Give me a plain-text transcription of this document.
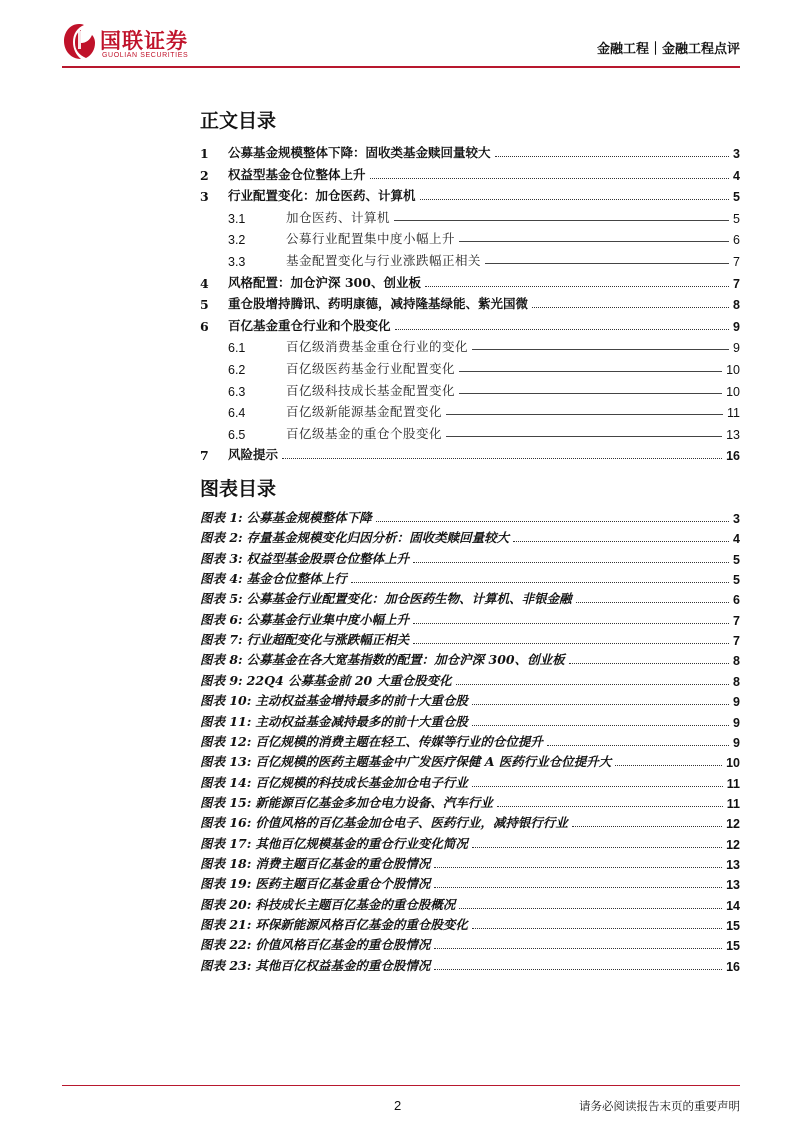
国联证券
GUOLIAN SECURITIES	金融工程｜金融工程点评
正文目录
1	公募基金规模整体下降：固收类基金赎回量较大	3
2	权益型基金仓位整体上升	4
3	行业配置变化：加仓医药、计算机	5
3.1	加仓医药、计算机	5
3.2	公募行业配置集中度小幅上升	6
3.3	基金配置变化与行业涨跌幅正相关	7
4	风格配置：加仓沪深 300、创业板	7
5	重仓股增持腾讯、药明康德，减持隆基绿能、紫光国微	8
6	百亿基金重仓行业和个股变化	9
6.1	百亿级消费基金重仓行业的变化	9
6.2	百亿级医药基金行业配置变化	10
6.3	百亿级科技成长基金配置变化	10
6.4	百亿级新能源基金配置变化	11
6.5	百亿级基金的重仓个股变化	13
7	风险提示	16
图表目录
图表 1: 公募基金规模整体下降	3
图表 2: 存量基金规模变化归因分析：固收类赎回量较大	4
图表 3: 权益型基金股票仓位整体上升	5
图表 4: 基金仓位整体上行	5
图表 5: 公募基金行业配置变化：加仓医药生物、计算机、非银金融	6
图表 6: 公募基金行业集中度小幅上升	7
图表 7: 行业超配变化与涨跌幅正相关	7
图表 8: 公募基金在各大宽基指数的配置：加仓沪深 300、创业板	8
图表 9: 22Q4 公募基金前 20 大重仓股变化	8
图表 10: 主动权益基金增持最多的前十大重仓股	9
图表 11: 主动权益基金减持最多的前十大重仓股	9
图表 12: 百亿规模的消费主题在轻工、传媒等行业的仓位提升	9
图表 13: 百亿规模的医药主题基金中广发医疗保健 A 医药行业仓位提升大	10
图表 14: 百亿规模的科技成长基金加仓电子行业	11
图表 15: 新能源百亿基金多加仓电力设备、汽车行业	11
图表 16: 价值风格的百亿基金加仓电子、医药行业，减持银行行业	12
图表 17: 其他百亿规模基金的重仓行业变化简况	12
图表 18: 消费主题百亿基金的重仓股情况	13
图表 19: 医药主题百亿基金重仓个股情况	13
图表 20: 科技成长主题百亿基金的重仓股概况	14
图表 21: 环保新能源风格百亿基金的重仓股变化	15
图表 22: 价值风格百亿基金的重仓股情况	15
图表 23: 其他百亿权益基金的重仓股情况	16
2	请务必阅读报告末页的重要声明
